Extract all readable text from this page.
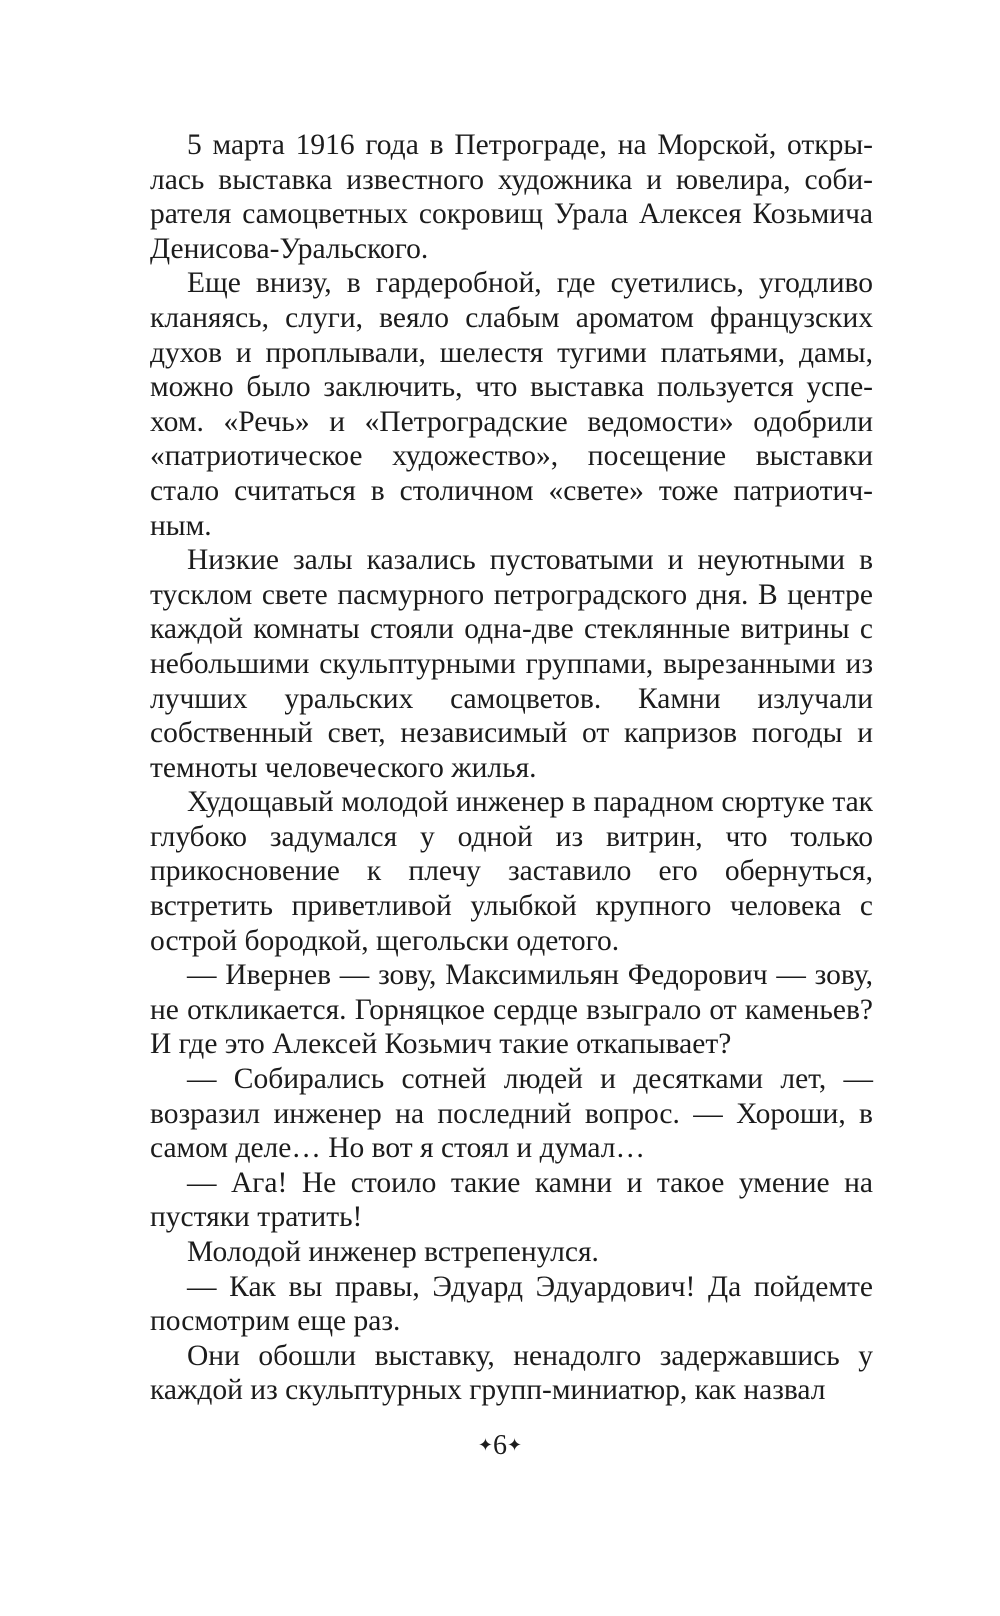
5 марта 1916 года в Петрограде, на Морской, открылась выставка известного художника и ювелира, собирателя самоцветных сокровищ Урала Алексея Козьмича Денисова-Уральского.

Еще внизу, в гардеробной, где суетились, угодливо кланяясь, слуги, веяло слабым ароматом французских духов и проплывали, шелестя тугими платьями, дамы, можно было заключить, что выставка пользуется успехом. «Речь» и «Петроградские ведомости» одобрили «патриотическое художество», посещение выставки стало считаться в столичном «свете» тоже патриотичным.

Низкие залы казались пустоватыми и неуютными в тусклом свете пасмурного петроградского дня. В центре каждой комнаты стояли одна-две стеклянные витрины с небольшими скульптурными группами, вырезанными из лучших уральских самоцветов. Камни излучали собственный свет, независимый от капризов погоды и темноты человеческого жилья.

Худощавый молодой инженер в парадном сюртуке так глубоко задумался у одной из витрин, что только прикосновение к плечу заставило его обернуться, встретить приветливой улыбкой крупного человека с острой бородкой, щегольски одетого.

— Ивернев — зову, Максимильян Федорович — зову, не откликается. Горняцкое сердце взыграло от каменьев? И где это Алексей Козьмич такие откапывает?

— Собирались сотней людей и десятками лет, — возразил инженер на последний вопрос. — Хороши, в самом деле… Но вот я стоял и думал…

— Ага! Не стоило такие камни и такое умение на пустяки тратить!

Молодой инженер встрепенулся.

— Как вы правы, Эдуард Эдуардович! Да пойдемте посмотрим еще раз.

Они обошли выставку, ненадолго задержавшись у каждой из скульптурных групп-миниатюр, как назвал

✦6✦
